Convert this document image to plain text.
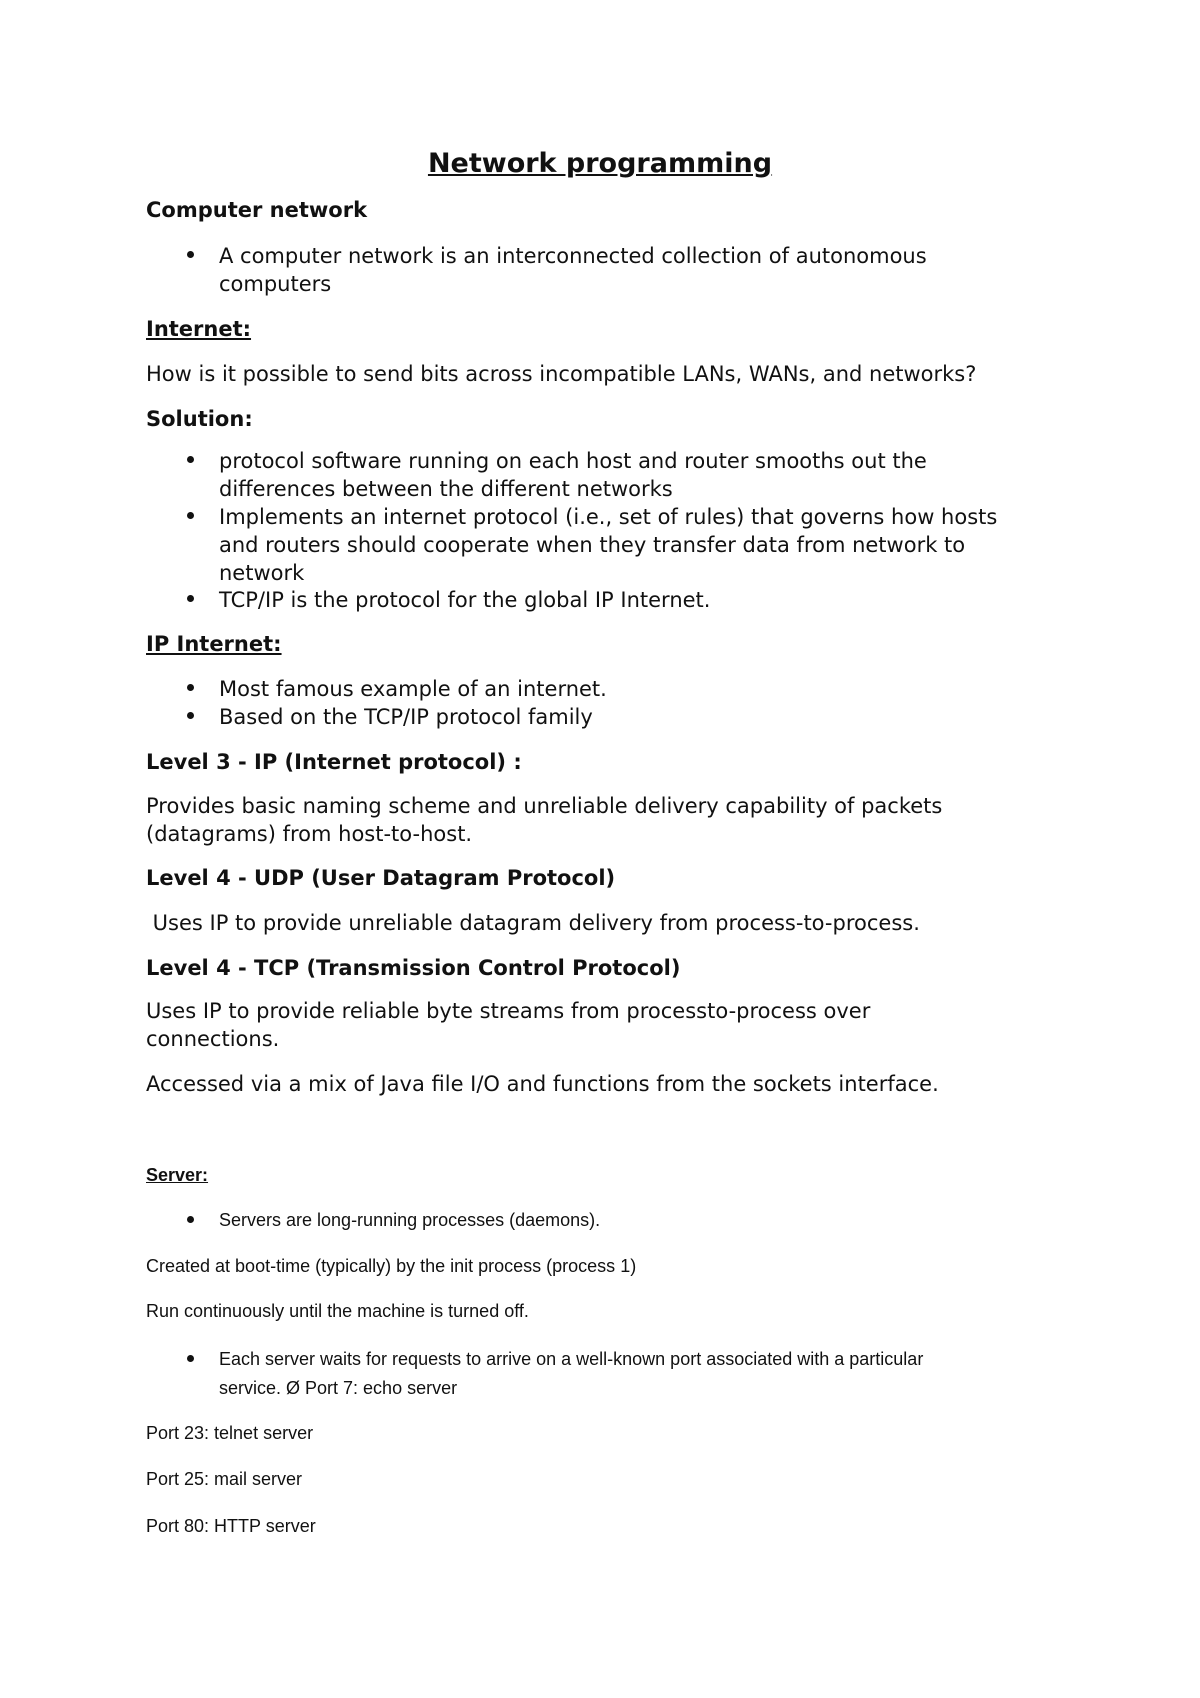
Network programming
Computer network
A computer network is an interconnected collection of autonomous
computers
Internet:
How is it possible to send bits across incompatible LANs, WANs, and networks?
Solution:
protocol software running on each host and router smooths out the
differences between the different networks
Implements an internet protocol (i.e., set of rules) that governs how hosts
and routers should cooperate when they transfer data from network to
network
TCP/IP is the protocol for the global IP Internet.
IP Internet:
Most famous example of an internet.
Based on the TCP/IP protocol family
Level 3 - IP (Internet protocol) :
Provides basic naming scheme and unreliable delivery capability of packets
(datagrams) from host-to-host.
Level 4 - UDP (User Datagram Protocol)
Uses IP to provide unreliable datagram delivery from process-to-process.
Level 4 - TCP (Transmission Control Protocol)
Uses IP to provide reliable byte streams from processto-process over
connections.
Accessed via a mix of Java file I/O and functions from the sockets interface.
Server:
Servers are long-running processes (daemons).
Created at boot-time (typically) by the init process (process 1)
Run continuously until the machine is turned off.
Each server waits for requests to arrive on a well-known port associated with a particular
service. Ø Port 7: echo server
Port 23: telnet server
Port 25: mail server
Port 80: HTTP server
